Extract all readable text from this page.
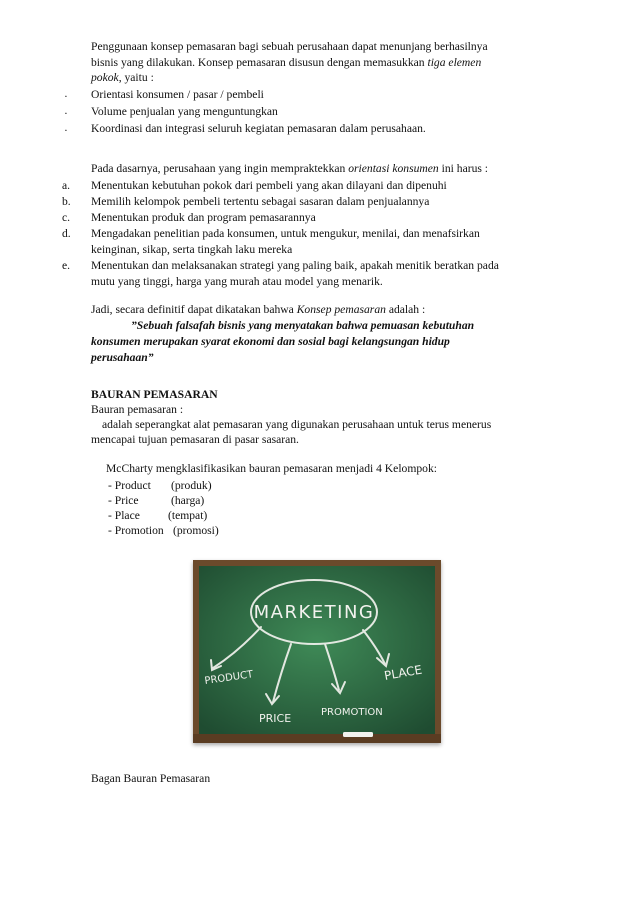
Penggunaan konsep pemasaran bagi sebuah perusahaan dapat menunjang berhasilnya
bisnis yang dilakukan. Konsep pemasaran disusun dengan memasukkan tiga elemen
pokok, yaitu :
· Orientasi konsumen / pasar / pembeli
· Volume penjualan yang menguntungkan
· Koordinasi dan integrasi seluruh kegiatan pemasaran dalam perusahaan.
Pada dasarnya, perusahaan yang ingin mempraktekkan orientasi konsumen ini harus :
a. Menentukan kebutuhan pokok dari pembeli yang akan dilayani dan dipenuhi
b. Memilih kelompok pembeli tertentu sebagai sasaran dalam penjualannya
c. Menentukan produk dan program pemasarannya
d. Mengadakan penelitian pada konsumen, untuk mengukur, menilai, dan menafsirkan
keinginan, sikap, serta tingkah laku mereka
e. Menentukan dan melaksanakan strategi yang paling baik, apakah menitik beratkan pada
mutu yang tinggi, harga yang murah atau model yang menarik.
Jadi, secara definitif dapat dikatakan bahwa Konsep pemasaran adalah :
”Sebuah falsafah bisnis yang menyatakan bahwa pemuasan kebutuhan
konsumen merupakan syarat ekonomi dan sosial bagi kelangsungan hidup
perusahaan”
BAURAN PEMASARAN
Bauran pemasaran :
adalah seperangkat alat pemasaran yang digunakan perusahaan untuk terus menerus
mencapai tujuan pemasaran di pasar sasaran.
McCharty mengklasifikasikan bauran pemasaran menjadi 4 Kelompok:
- Product (produk)
- Price	(harga)
- Place (tempat)
- Promotion (promosi)
MARKETING
PRODUCT	PLACE
PRICE	PROMOTION
Bagan Bauran Pemasaran
